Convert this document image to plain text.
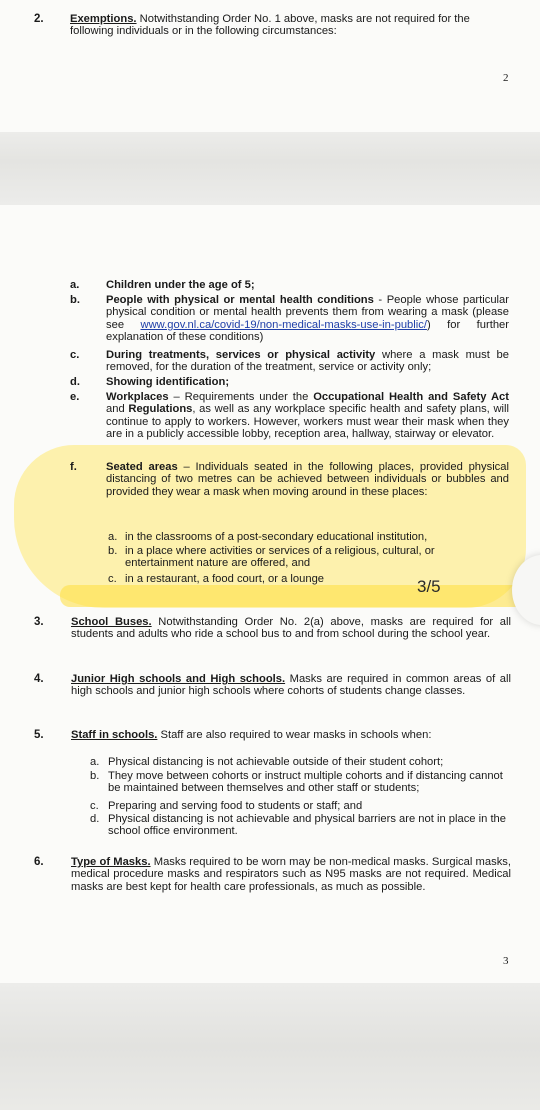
2. Exemptions. Notwithstanding Order No. 1 above, masks are not required for the following individuals or in the following circumstances:
2
a. Children under the age of 5;
b. People with physical or mental health conditions - People whose particular physical condition or mental health prevents them from wearing a mask (please see www.gov.nl.ca/covid-19/non-medical-masks-use-in-public/) for further explanation of these conditions)
c. During treatments, services or physical activity where a mask must be removed, for the duration of the treatment, service or activity only;
d. Showing identification;
e. Workplaces – Requirements under the Occupational Health and Safety Act and Regulations, as well as any workplace specific health and safety plans, will continue to apply to workers. However, workers must wear their mask when they are in a publicly accessible lobby, reception area, hallway, stairway or elevator.
f.	Seated areas – Individuals seated in the following places, provided physical distancing of two metres can be achieved between individuals or bubbles and provided they wear a mask when moving around in these places:
a. in the classrooms of a post-secondary educational institution,
b. in a place where activities or services of a religious, cultural, or entertainment nature are offered, and
c. in a restaurant, a food court, or a lounge	3/5
3. School Buses. Notwithstanding Order No. 2(a) above, masks are required for all students and adults who ride a school bus to and from school during the school year.
4. Junior High schools and High schools. Masks are required in common areas of all high schools and junior high schools where cohorts of students change classes.
5. Staff in schools. Staff are also required to wear masks in schools when:
a. Physical distancing is not achievable outside of their student cohort;
b. They move between cohorts or instruct multiple cohorts and if distancing cannot be maintained between themselves and other staff or students;
c. Preparing and serving food to students or staff; and
d. Physical distancing is not achievable and physical barriers are not in place in the school office environment.
6. Type of Masks. Masks required to be worn may be non-medical masks. Surgical masks, medical procedure masks and respirators such as N95 masks are not required. Medical masks are best kept for health care professionals, as much as possible.
3
